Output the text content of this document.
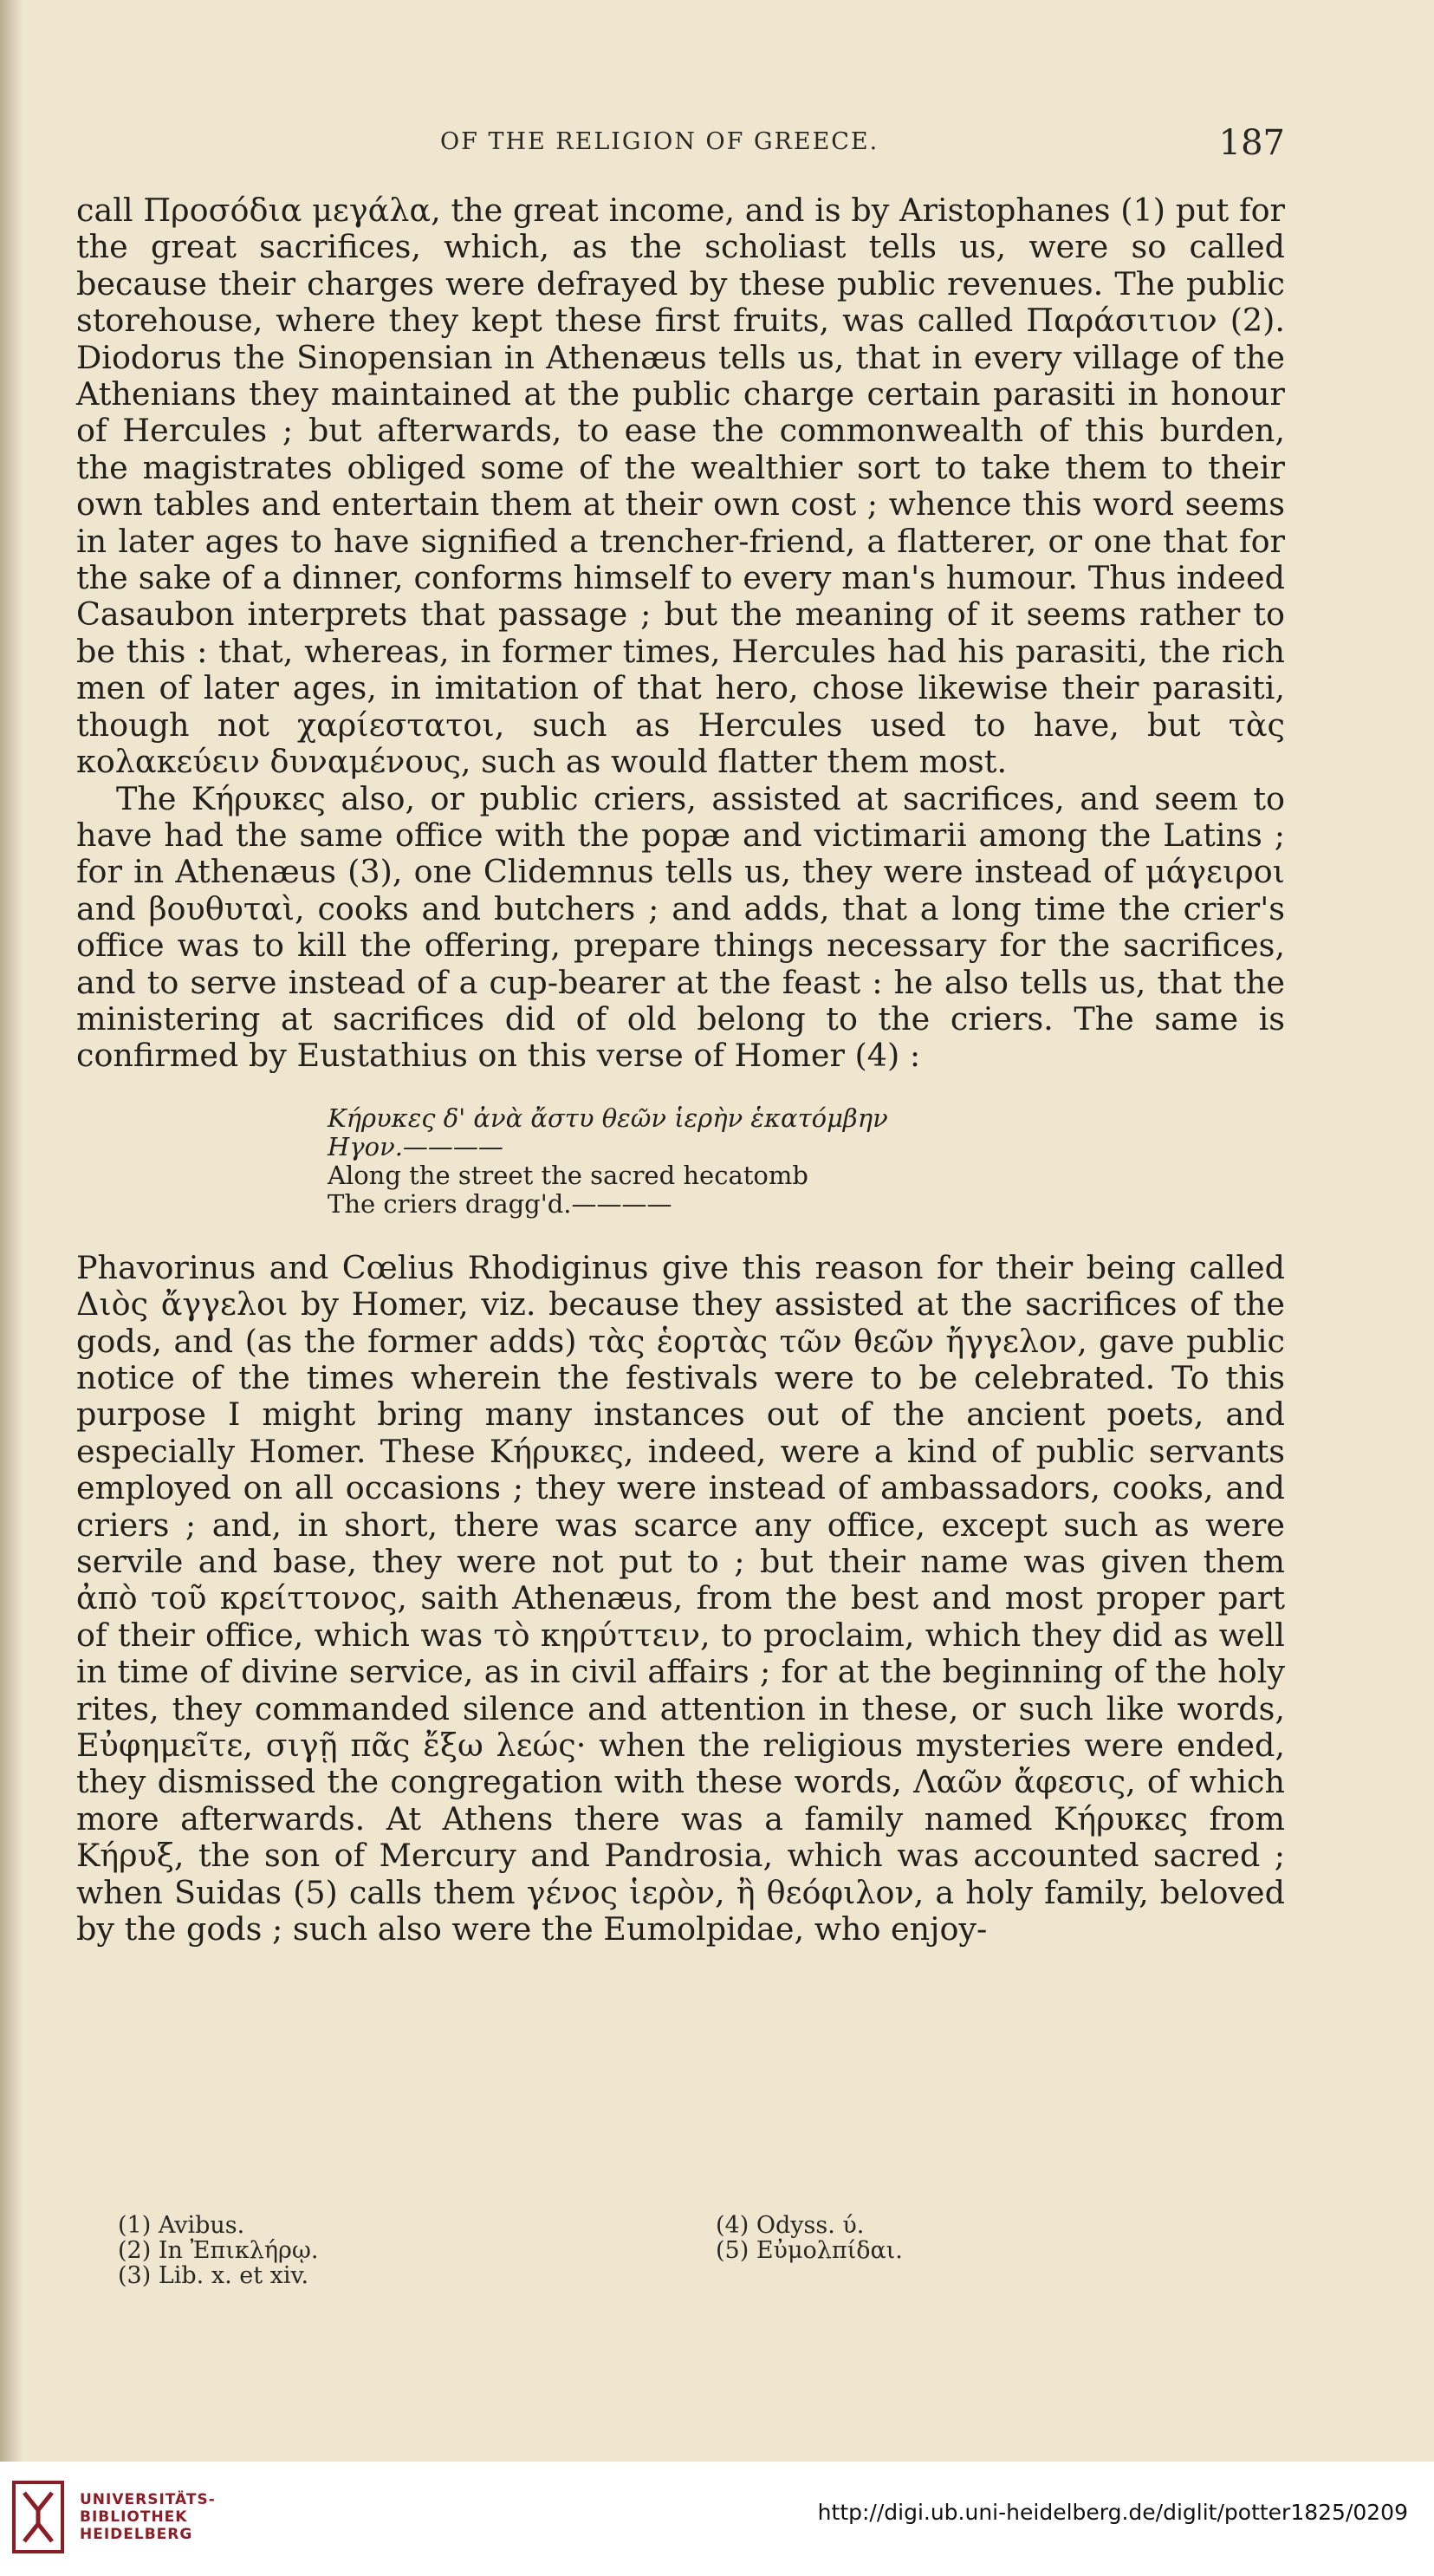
OF THE RELIGION OF GREECE.	187

call Προσόδια μεγάλα, the great income, and is by Aristophanes (1) put for the great sacrifices, which, as the scholiast tells us, were so called because their charges were defrayed by these public revenues. The public storehouse, where they kept these first fruits, was called Παράσιτιον (2). Diodorus the Sinopensian in Athenæus tells us, that in every village of the Athenians they maintained at the public charge certain parasiti in honour of Hercules ; but afterwards, to ease the commonwealth of this burden, the magistrates obliged some of the wealthier sort to take them to their own tables and entertain them at their own cost ; whence this word seems in later ages to have signified a trencher-friend, a flatterer, or one that for the sake of a dinner, conforms himself to every man's humour. Thus indeed Casaubon interprets that passage ; but the meaning of it seems rather to be this : that, whereas, in former times, Hercules had his parasiti, the rich men of later ages, in imitation of that hero, chose likewise their parasiti, though not χαρίεστατοι, such as Hercules used to have, but τὰς κολακεύειν δυναμένους, such as would flatter them most.

The Κήρυκες also, or public criers, assisted at sacrifices, and seem to have had the same office with the popæ and victimarii among the Latins ; for in Athenæus (3), one Clidemnus tells us, they were instead of μάγειροι and βουθυταὶ, cooks and butchers ; and adds, that a long time the crier's office was to kill the offering, prepare things necessary for the sacrifices, and to serve instead of a cup-bearer at the feast : he also tells us, that the ministering at sacrifices did of old belong to the criers. The same is confirmed by Eustathius on this verse of Homer (4) :

Κήρυκες δ' ἀνὰ ἄστυ θεῶν ἱερὴν ἑκατόμβην
Ηγον.————
Along the street the sacred hecatomb
The criers dragg'd.————

Phavorinus and Cœlius Rhodiginus give this reason for their being called Διὸς ἄγγελοι by Homer, viz. because they assisted at the sacrifices of the gods, and (as the former adds) τὰς ἑορτὰς τῶν θεῶν ἤγγελον, gave public notice of the times wherein the festivals were to be celebrated. To this purpose I might bring many instances out of the ancient poets, and especially Homer. These Κήρυκες, indeed, were a kind of public servants employed on all occasions ; they were instead of ambassadors, cooks, and criers ; and, in short, there was scarce any office, except such as were servile and base, they were not put to ; but their name was given them ἀπὸ τοῦ κρείττονος, saith Athenæus, from the best and most proper part of their office, which was τὸ κηρύττειν, to proclaim, which they did as well in time of divine service, as in civil affairs ; for at the beginning of the holy rites, they commanded silence and attention in these, or such like words, Εὐφημεῖτε, σιγῇ πᾶς ἔξω λεώς· when the religious mysteries were ended, they dismissed the congregation with these words, Λαῶν ἄφεσις, of which more afterwards. At Athens there was a family named Κήρυκες from Κήρυξ, the son of Mercury and Pandrosia, which was accounted sacred ; when Suidas (5) calls them γένος ἱερὸν, ἢ θεόφιλον, a holy family, beloved by the gods ; such also were the Eumolpidae, who enjoy-

(1) Avibus.
(2) In Ἐπικλήρῳ.
(3) Lib. x. et xiv.
(4) Odyss. ύ.
(5) Εὐμολπίδαι.
UNIVERSITÄTS-
BIBLIOTHEK
HEIDELBERG
http://digi.ub.uni-heidelberg.de/diglit/potter1825/0209
